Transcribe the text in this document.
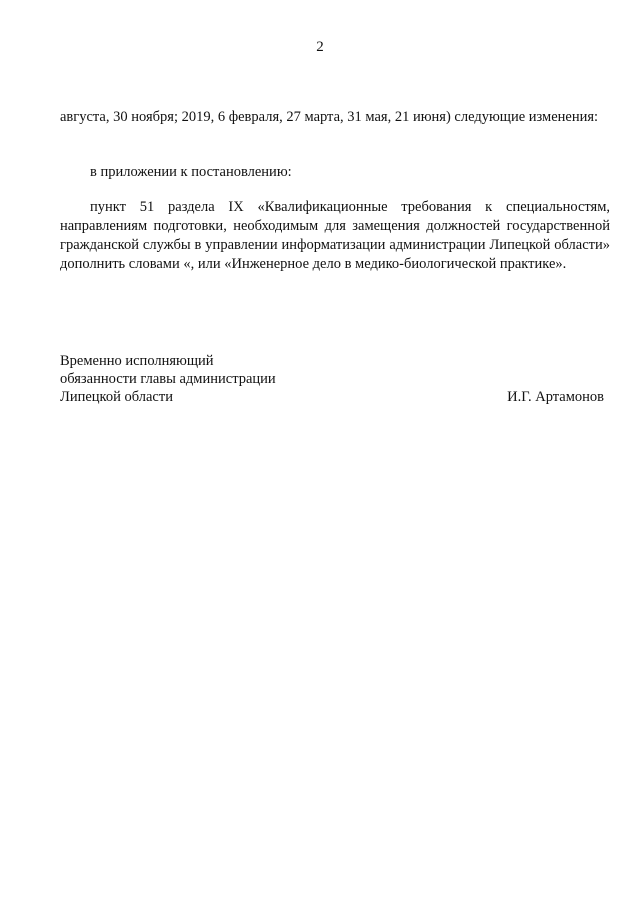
2
августа, 30 ноября; 2019, 6 февраля, 27 марта, 31 мая, 21 июня) следующие изменения:
в приложении к постановлению:
пункт 51 раздела IX «Квалификационные требования к специальностям, направлениям подготовки, необходимым для замещения должностей государственной гражданской службы в управлении информатизации администрации Липецкой области» дополнить словами «, или «Инженерное дело в медико-биологической практике».
Временно исполняющий
обязанности главы администрации
Липецкой области	И.Г. Артамонов
